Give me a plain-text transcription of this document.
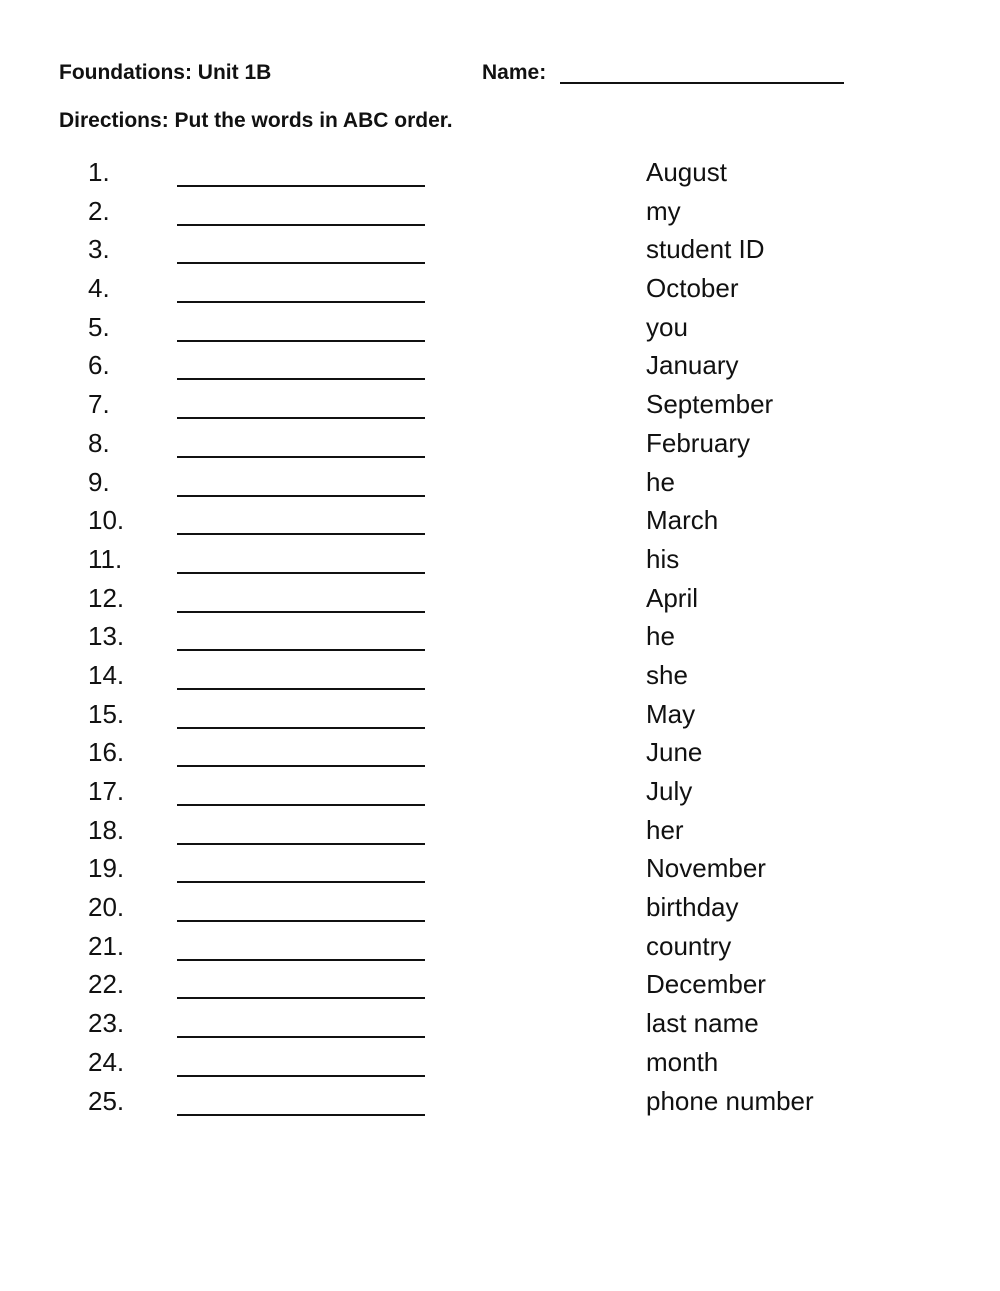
Foundations: Unit 1B	Name:
Directions: Put the words in ABC order.
1.	August
2.	my
3.	student ID
4.	October
5.	you
6.	January
7.	September
8.	February
9.	he
10.	March
11.	his
12.	April
13.	he
14.	she
15.	May
16.	June
17.	July
18.	her
19.	November
20.	birthday
21.	country
22.	December
23.	last name
24.	month
25.	phone number
